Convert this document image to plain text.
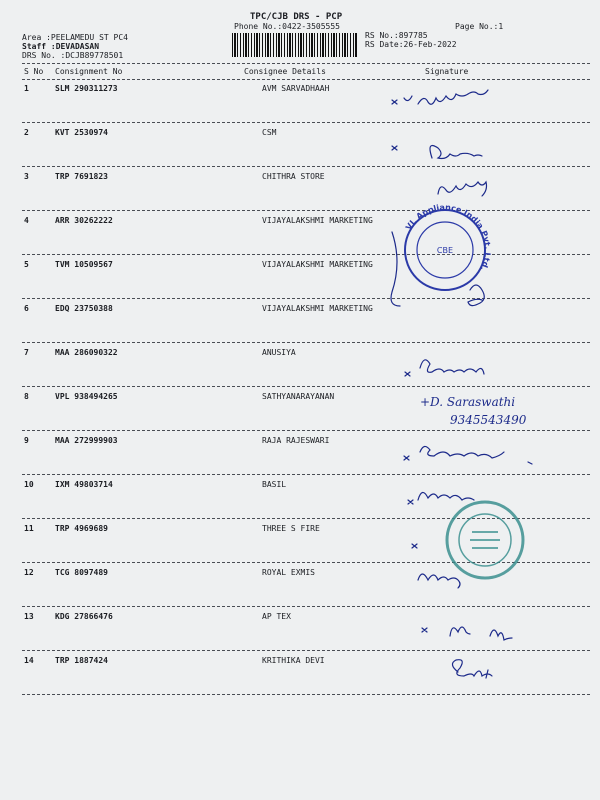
TPC/CJB DRS - PCP
Phone No.:0422-3505555	Page No.:1
Area :PEELAMEDU ST PC4
Staff :DEVADASAN
DRS No. :DCJB89778501
RS No.:897785
RS Date:26-Feb-2022
S No Consignment No	Consignee Details	Signature
1	SLM 290311273	AVM SARVADHAAH
2	KVT 2530974	CSM
3	TRP 7691823	CHITHRA STORE
4	ARR 30262222	VIJAYALAKSHMI MARKETING
5	TVM 10509567	VIJAYALAKSHMI MARKETING
6	EDQ 23750388	VIJAYALAKSHMI MARKETING
7	MAA 286090322	ANUSIYA
8	VPL 938494265	SATHYANARAYANAN
9	MAA 272999903	RAJA RAJESWARI
10	IXM 49803714	BASIL
11	TRP 4969689	THREE S FIRE
12	TCG 8097489	ROYAL EXMIS
13	KDG 27866476	AP TEX
14	TRP 1887424	KRITHIKA DEVI
+D. Saraswathi
9345543490
VL Appliance India Pvt. Ltd.
CBE
